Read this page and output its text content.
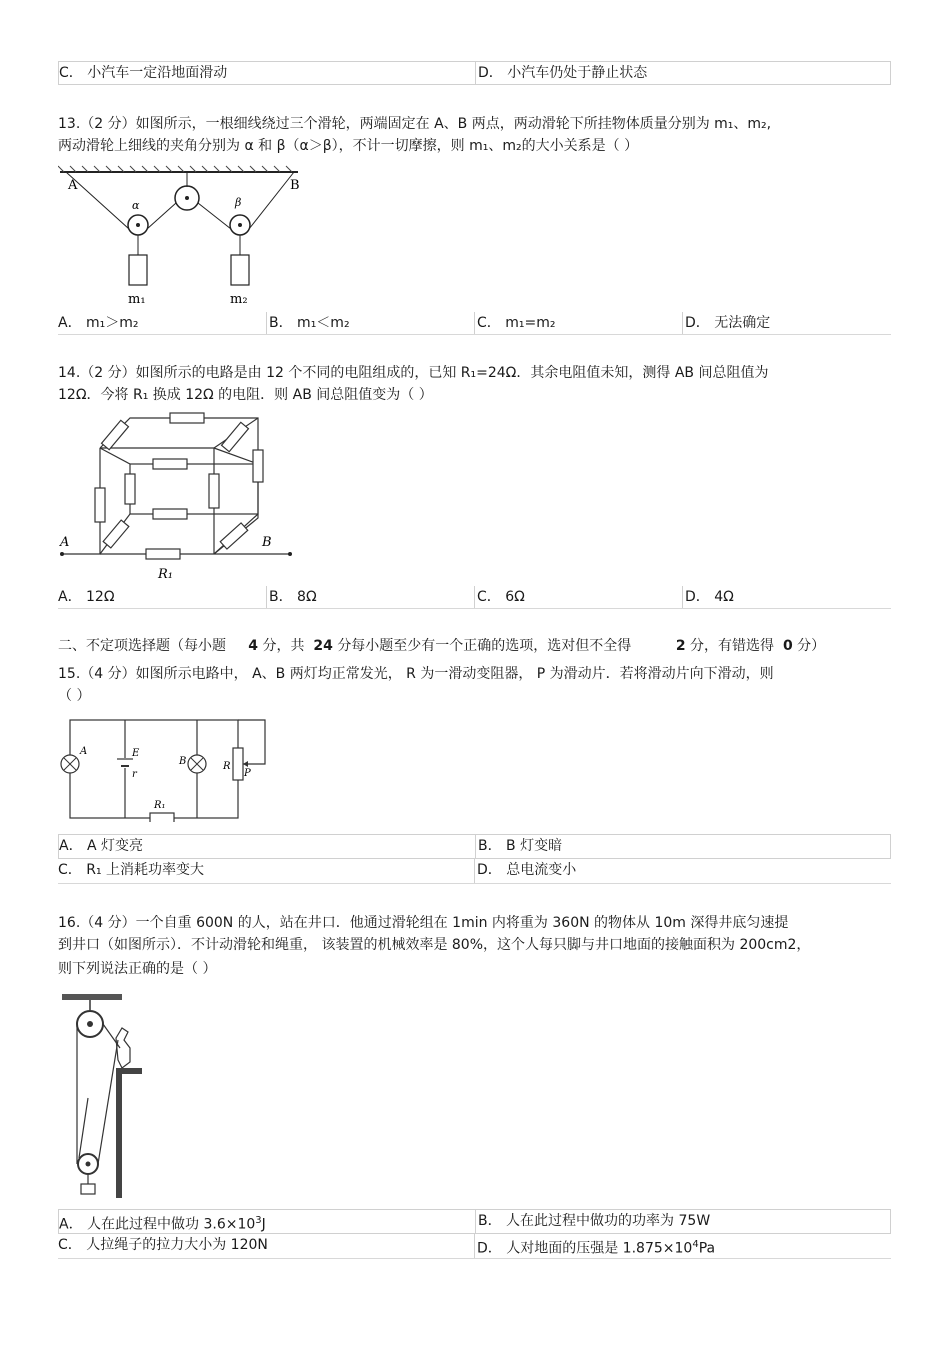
C． 小汽车一定沿地面滑动	D． 小汽车仍处于静止状态
13.（2 分）如图所示，一根细线绕过三个滑轮，两端固定在 A、B 两点，两动滑轮下所挂物体质量分别为 m₁、m₂,
两动滑轮上细线的夹角分别为 α 和 β（α＞β），不计一切摩擦，则 m₁、m₂的大小关系是（ ）
A	B
α	β
m₁	m₂
A． m₁＞m₂	B． m₁＜m₂	C． m₁=m₂	D． 无法确定
14.（2 分）如图所示的电路是由 12 个不同的电阻组成的，已知 R₁=24Ω．其余电阻值未知，测得 AB 间总阻值为
12Ω．今将 R₁ 换成 12Ω 的电阻．则 AB 间总阻值变为（ ）
A	B
R₁
A． 12Ω	B． 8Ω	C． 6Ω	D． 4Ω
二、不定项选择题（每小题 4 分，共 24 分每小题至少有一个正确的选项，选对但不全得	2 分，有错选得 0 分）
15.（4 分）如图所示电路中， A、B 两灯均正常发光， R 为一滑动变阻器， P 为滑动片．若将滑动片向下滑动，则
（ ）
A	E
r
B	R
P
R₁
A． A 灯变亮	B． B 灯变暗
C． R₁ 上消耗功率变大	D． 总电流变小
16.（4 分）一个自重 600N 的人，站在井口．他通过滑轮组在 1min 内将重为 360N 的物体从 10m 深得井底匀速提
到井口（如图所示）．不计动滑轮和绳重， 该装置的机械效率是 80%，这个人每只脚与井口地面的接触面积为 200cm2，
则下列说法正确的是（ ）
A． 人在此过程中做功 $3.6\times 10^3J$	B． 人在此过程中做功的功率为 75W
C． 人拉绳子的拉力大小为 120N	D． 人对地面的压强是 $1.875\times 10^4Pa$
